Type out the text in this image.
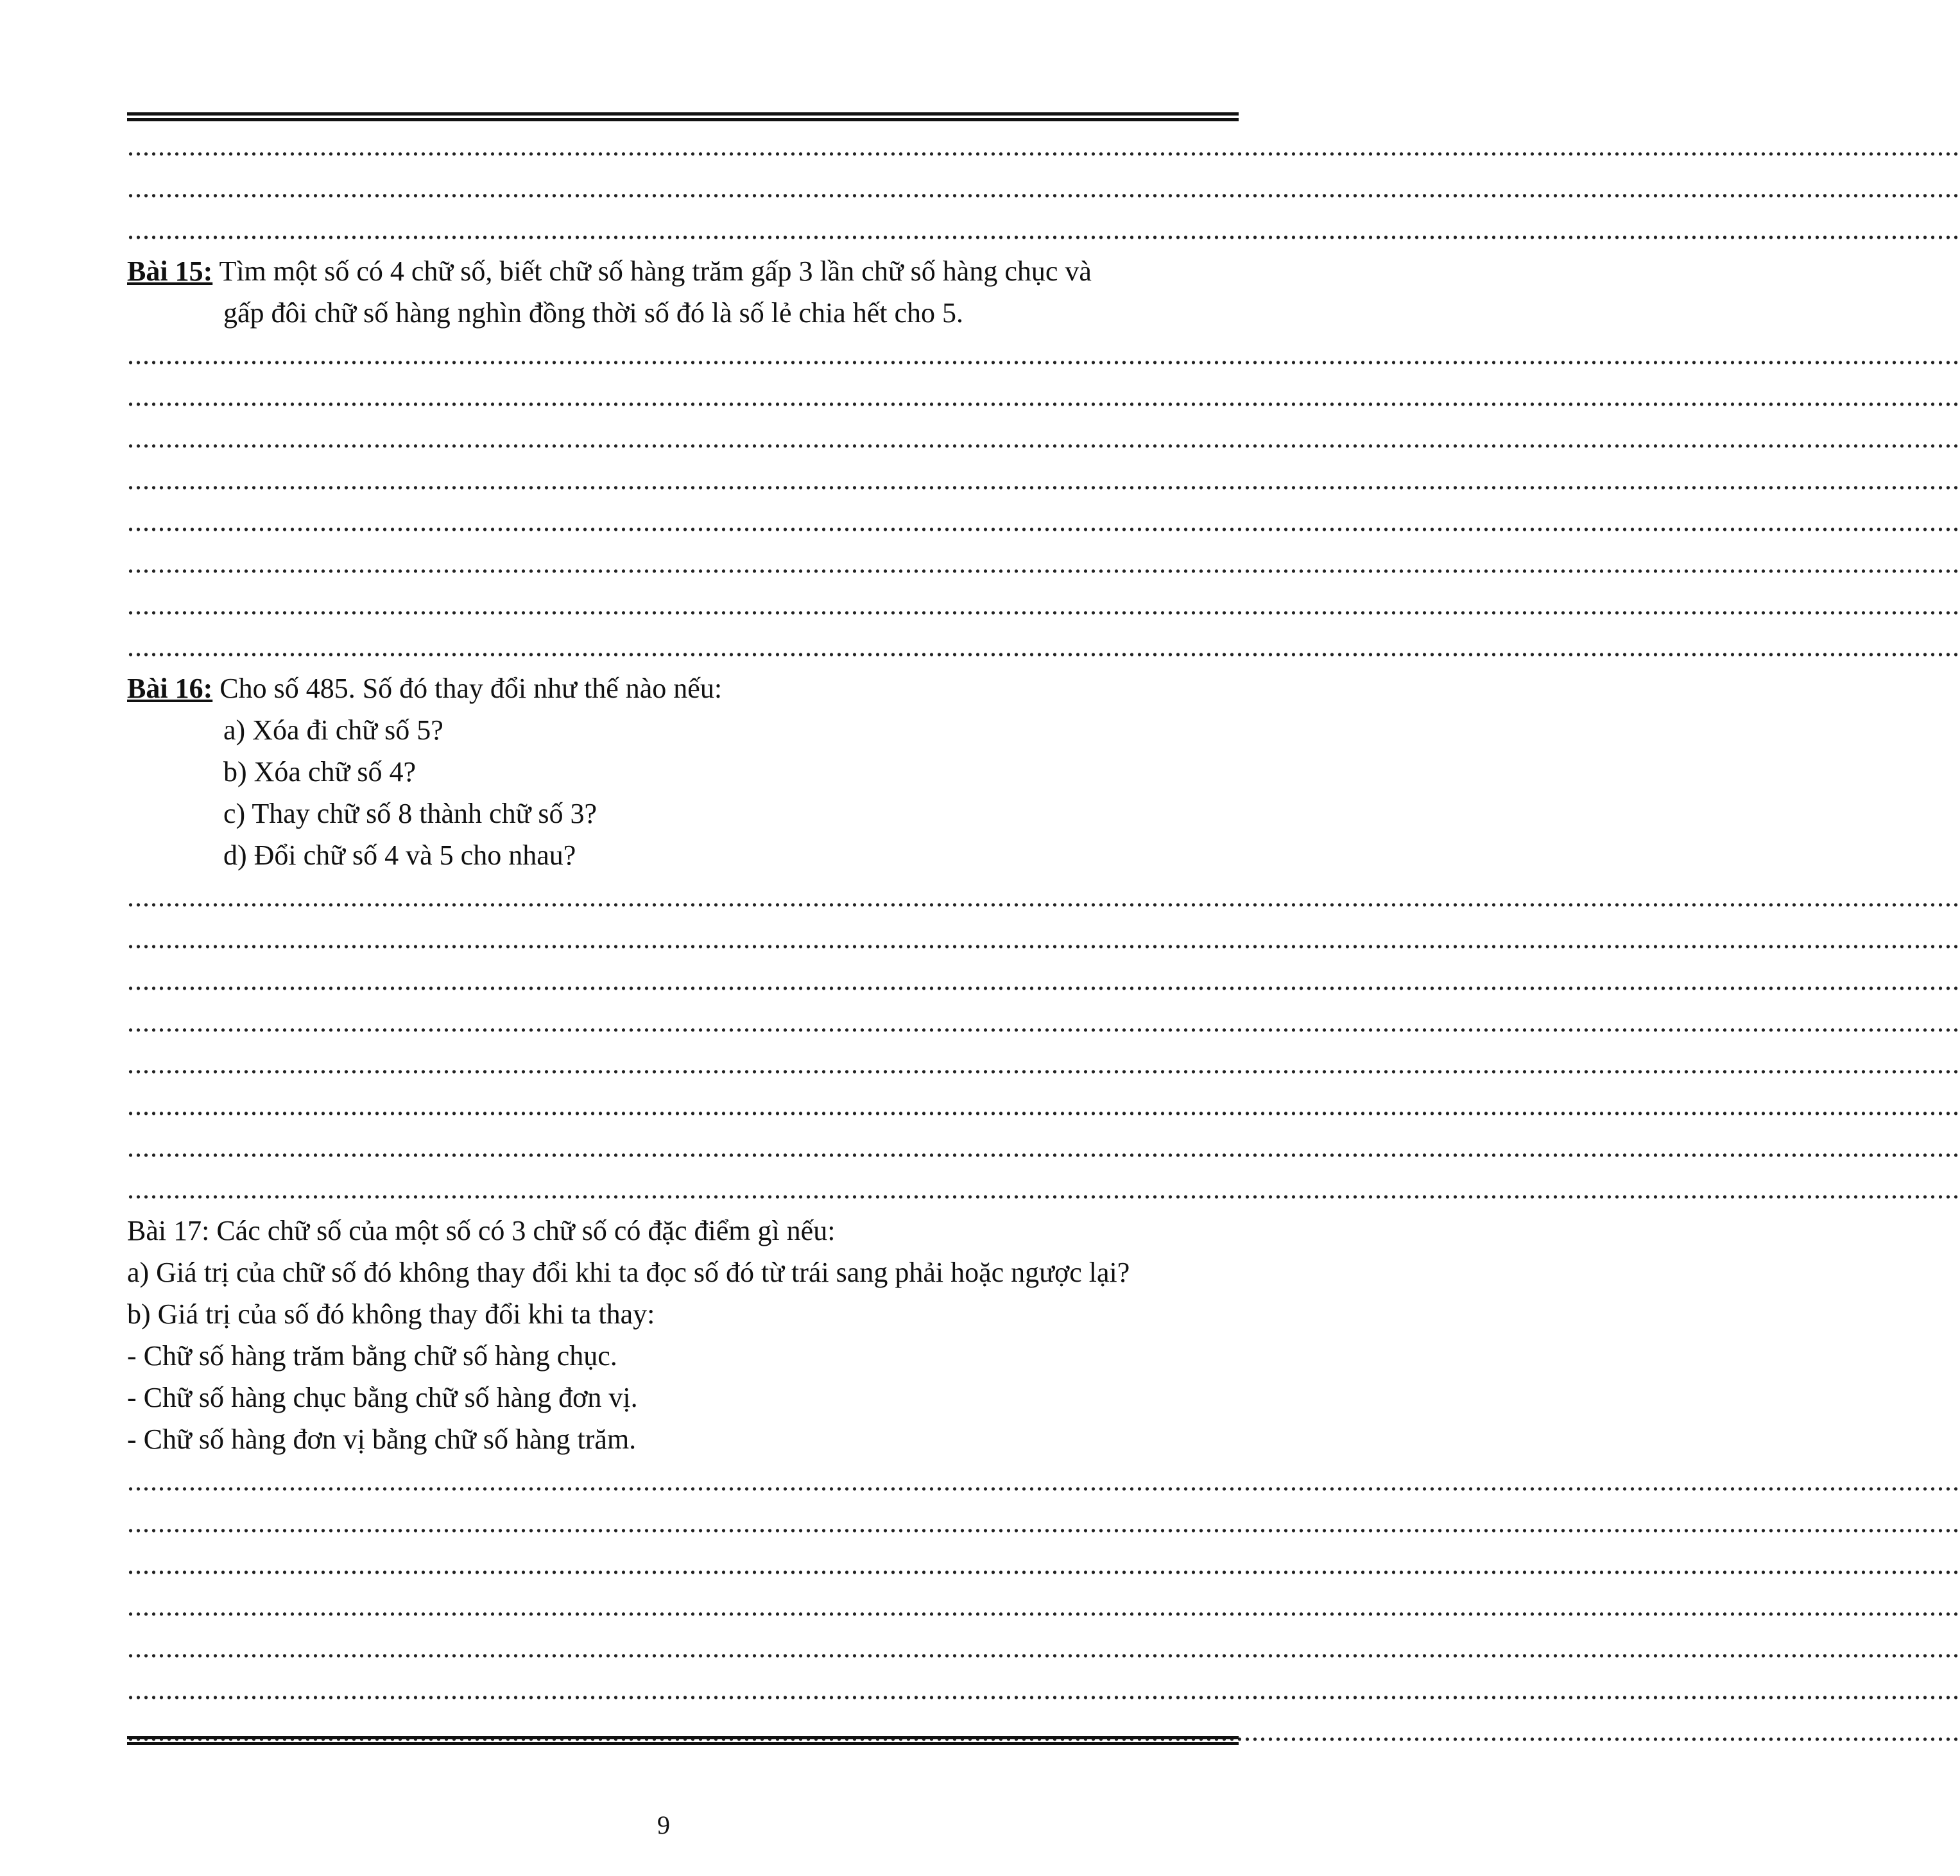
..............................................................................................................................................................................................................................................
..............................................................................................................................................................................................................................................
..............................................................................................................................................................................................................................................
Bài 15: Tìm một số có 4 chữ số, biết chữ số hàng trăm gấp 3 lần chữ số hàng chục và
gấp đôi chữ số hàng nghìn đồng thời số đó là số lẻ chia hết cho 5.
..............................................................................................................................................................................................................................................
..............................................................................................................................................................................................................................................
..............................................................................................................................................................................................................................................
..............................................................................................................................................................................................................................................
..............................................................................................................................................................................................................................................
..............................................................................................................................................................................................................................................
..............................................................................................................................................................................................................................................
..............................................................................................................................................................................................................................................
Bài 16: Cho số 485. Số đó thay đổi như thế nào nếu:
a) Xóa đi chữ số 5?
b) Xóa chữ số 4?
c) Thay chữ số 8 thành chữ số 3?
d) Đổi chữ số 4 và 5 cho nhau?
..............................................................................................................................................................................................................................................
..............................................................................................................................................................................................................................................
..............................................................................................................................................................................................................................................
..............................................................................................................................................................................................................................................
..............................................................................................................................................................................................................................................
..............................................................................................................................................................................................................................................
..............................................................................................................................................................................................................................................
..............................................................................................................................................................................................................................................
Bài 17: Các chữ số của một số có 3 chữ số có đặc điểm gì nếu:
a) Giá trị của chữ số đó không thay đổi khi ta đọc số đó từ trái sang phải hoặc ngược lại?
b) Giá trị của số đó không thay đổi khi ta thay:
- Chữ số hàng trăm bằng chữ số hàng chục.
- Chữ số hàng chục bằng chữ số hàng đơn vị.
- Chữ số hàng đơn vị bằng chữ số hàng trăm.
..............................................................................................................................................................................................................................................
..............................................................................................................................................................................................................................................
..............................................................................................................................................................................................................................................
..............................................................................................................................................................................................................................................
..............................................................................................................................................................................................................................................
..............................................................................................................................................................................................................................................
..............................................................................................................................................................................................................................................
9
